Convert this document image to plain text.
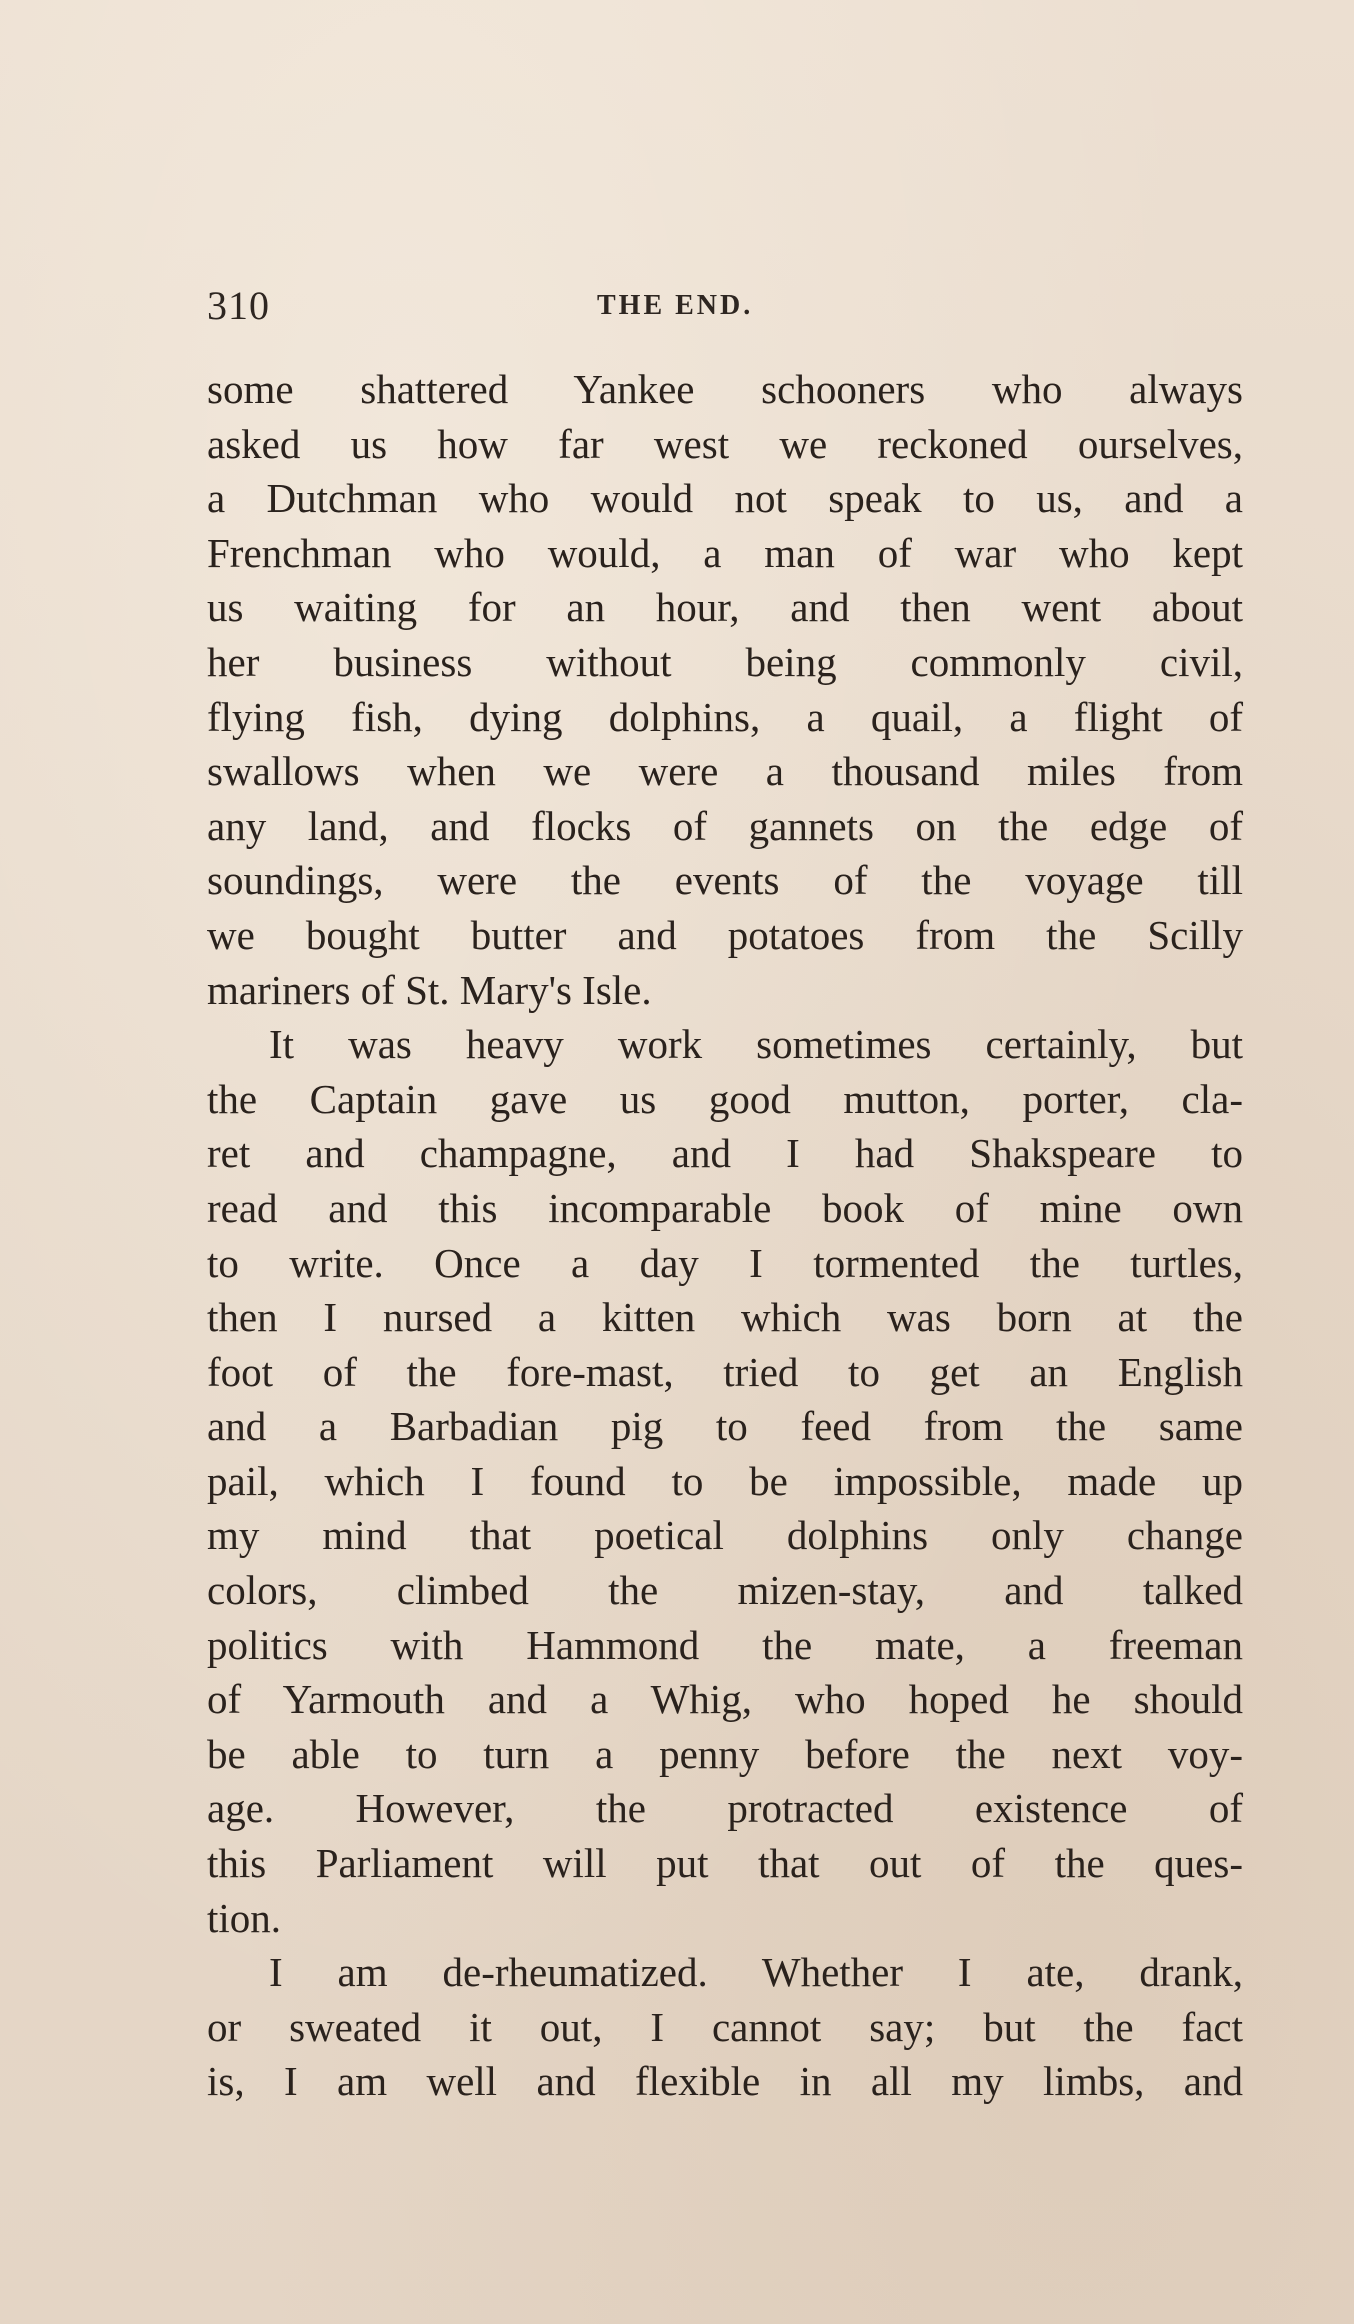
310	THE END.
some shattered Yankee schooners who always
asked us how far west we reckoned ourselves,
a Dutchman who would not speak to us, and a
Frenchman who would, a man of war who kept
us waiting for an hour, and then went about
her business without being commonly civil,
flying fish, dying dolphins, a quail, a flight of
swallows when we were a thousand miles from
any land, and flocks of gannets on the edge of
soundings, were the events of the voyage till
we bought butter and potatoes from the Scilly
mariners of St. Mary's Isle.
It was heavy work sometimes certainly, but
the Captain gave us good mutton, porter, cla-
ret and champagne, and I had Shakspeare to
read and this incomparable book of mine own
to write. Once a day I tormented the turtles,
then I nursed a kitten which was born at the
foot of the fore-mast, tried to get an English
and a Barbadian pig to feed from the same
pail, which I found to be impossible, made up
my mind that poetical dolphins only change
colors, climbed the mizen-stay, and talked
politics with Hammond the mate, a freeman
of Yarmouth and a Whig, who hoped he should
be able to turn a penny before the next voy-
age. However, the protracted existence of
this Parliament will put that out of the ques-
tion.
I am de-rheumatized. Whether I ate, drank,
or sweated it out, I cannot say; but the fact
is, I am well and flexible in all my limbs, and
